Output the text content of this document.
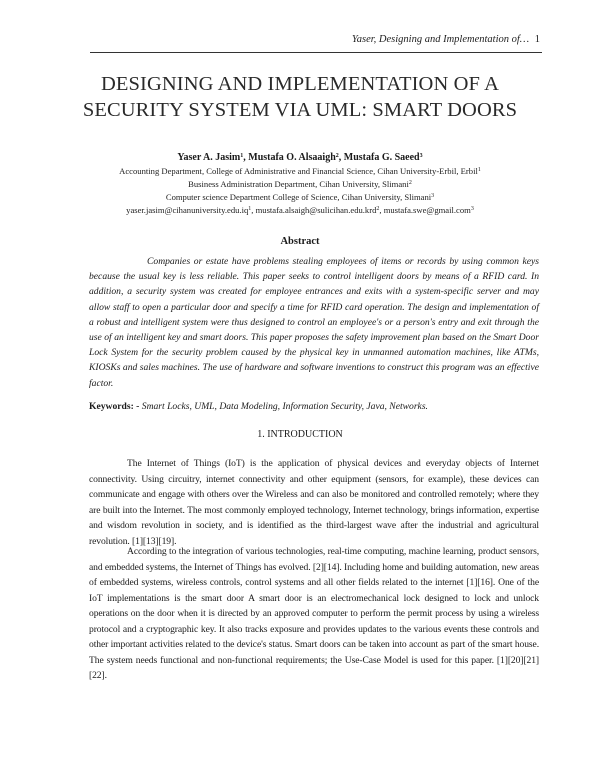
Yaser, Designing and Implementation of… 1
DESIGNING AND IMPLEMENTATION OF A
SECURITY SYSTEM VIA UML: SMART DOORS
Yaser A. Jasim$^1$, Mustafa O. Alsaaigh$^2$, Mustafa G. Saeed$^3$
Accounting Department, College of Administrative and Financial Science, Cihan University-Erbil, Erbil$^1$
Business Administration Department, Cihan University, Slimani$^2$
Computer science Department College of Science, Cihan University, Slimani$^3$
$yaser.jasim@cihanuniversity.edu.iq^1$, mustafa.alsaigh@sulicihan.edu.krd$^2$, mustafa.swe@gmail.com$^3$
Abstract

Companies or estate have problems stealing employees of items or records by using common keys because the usual key is less reliable. This paper seeks to control intelligent doors by means of a RFID card. In addition, a security system was created for employee entrances and exits with a system-specific server and may allow staff to open a particular door and specify a time for RFID card operation. The design and implementation of a robust and intelligent system were thus designed to control an employee's or a person's entry and exit through the use of an intelligent key and smart doors. This paper proposes the safety improvement plan based on the Smart Door Lock System for the security problem caused by the physical key in unmanned automation machines, like ATMs, KIOSKs and sales machines. The use of hardware and software inventions to construct this program was an effective factor.

Keywords: - Smart Locks, UML, Data Modeling, Information Security, Java, Networks.
1. INTRODUCTION

The Internet of Things (IoT) is the application of physical devices and everyday objects of Internet connectivity. Using circuitry, internet connectivity and other equipment (sensors, for example), these devices can communicate and engage with others over the Wireless and can also be monitored and controlled remotely; where they are built into the Internet. The most commonly employed technology, Internet technology, brings information, expertise and wisdom revolution in society, and is identified as the third-largest wave after the industrial and agricultural revolution. [1][13][19].

According to the integration of various technologies, real-time computing, machine learning, product sensors, and embedded systems, the Internet of Things has evolved. [2][14]. Including home and building automation, new areas of embedded systems, wireless controls, control systems and all other fields related to the internet [1][16]. One of the IoT implementations is the smart door A smart door is an electromechanical lock designed to lock and unlock operations on the door when it is directed by an approved computer to perform the permit process by using a wireless protocol and a cryptographic key. It also tracks exposure and provides updates to the various events these controls and other important activities related to the device's status. Smart doors can be taken into account as part of the smart house. The system needs functional and non-functional requirements; the Use-Case Model is used for this paper. [1][20][21][22].
